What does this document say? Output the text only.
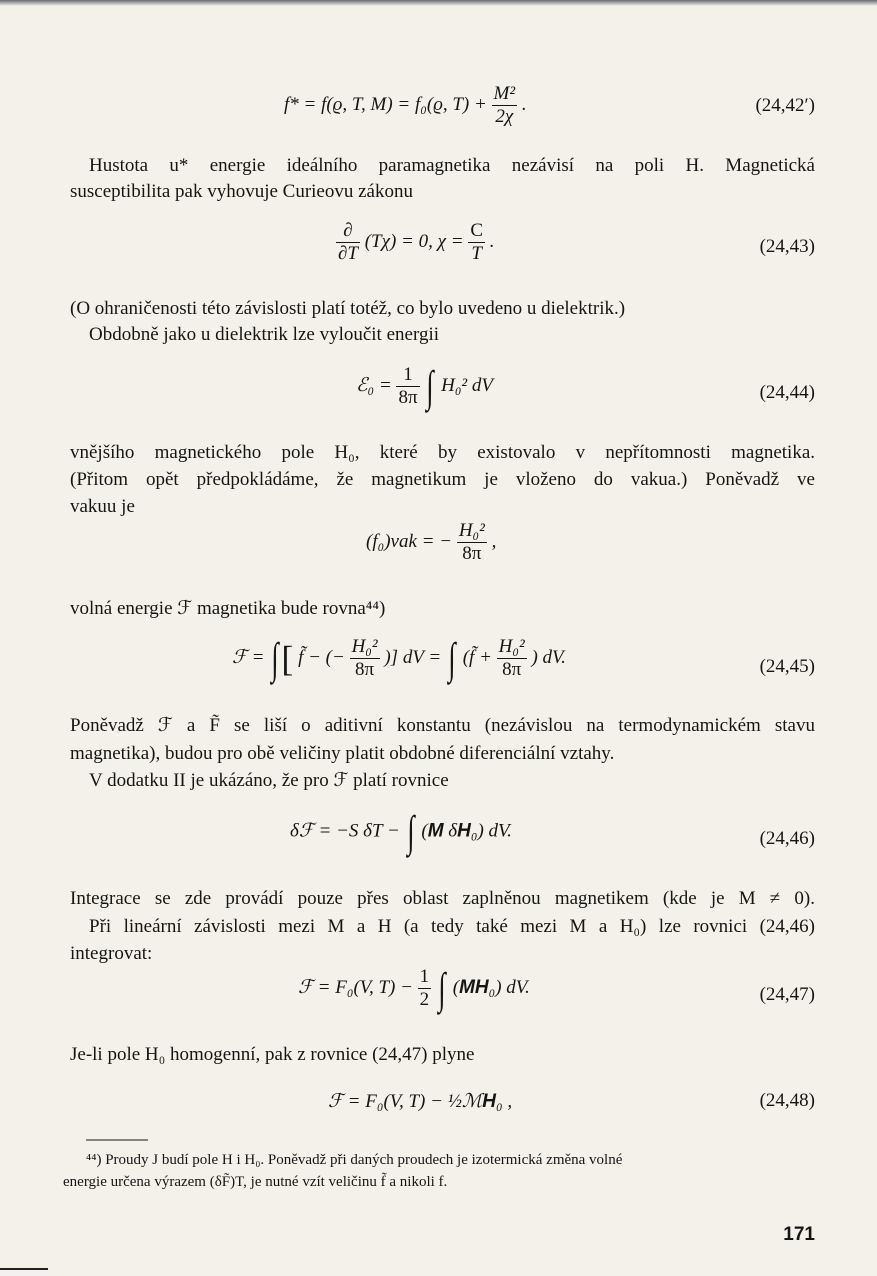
f* = f(ϱ, T, M) = f₀(ϱ, $T) + \frac{\text{M²}}{2\chi}$ .	(24,42′)
Hustota u* energie ideálního paramagnetika nezávisí na poli H. Magnetická
susceptibilita pak vyhovuje Curieovu zákonu
$\frac{\partial}{\partial T} (T\chi) = 0$, $\chi = \frac{C}{T}$ .	(24,43)
(O ohraničenosti této závislosti platí totéž, co bylo uvedeno u dielektrik.)
Obdobně jako u dielektrik lze vyloučit energii
ℰ₀ = $\frac{1}{8\pi}$ ∫ H₀² dV	(24,44)
vnějšího magnetického pole H₀, které by existovalo v nepřítomnosti magnetika.
(Přitom opět předpokládáme, že magnetikum je vloženo do vakua.) Poněvadž ve
vakuu je
(f₀)vak = − $\frac{\text{H₀²}}{8\pi}$ ,
volná energie ℱ magnetika bude rovna⁴⁴)
ℱ = ∫[ f̃ − (− $\frac{\text{H₀²}}{8\pi}$ )] dV = ∫ (f̃ + $\frac{\text{H₀²}}{8\pi}$ ) dV.	(24,45)
Poněvadž ℱ a F̃ se liší o aditivní konstantu (nezávislou na termodynamickém stavu
magnetika), budou pro obě veličiny platit obdobné diferenciální vztahy.
V dodatku II je ukázáno, že pro ℱ platí rovnice
δℱ = −S δT − ∫ (M δH₀) dV.	(24,46)
Integrace se zde provádí pouze přes oblast zaplněnou magnetikem (kde je M ≠ 0).
Při lineární závislosti mezi M a H (a tedy také mezi M a H₀) lze rovnici (24,46)
integrovat:
ℱ = F₀(V, $T) - \frac{1}{2}$ ∫ (MH₀) dV.	(24,47)
Je-li pole H₀ homogenní, pak z rovnice (24,47) plyne
ℱ = F₀(V, T) − ½ℳH₀ ,	(24,48)
⁴⁴) Proudy J budí pole H i H₀. Poněvadž při daných proudech je izotermická změna volné
energie určena výrazem (δF̃)T, je nutné vzít veličinu f̃ a nikoli f.
171
